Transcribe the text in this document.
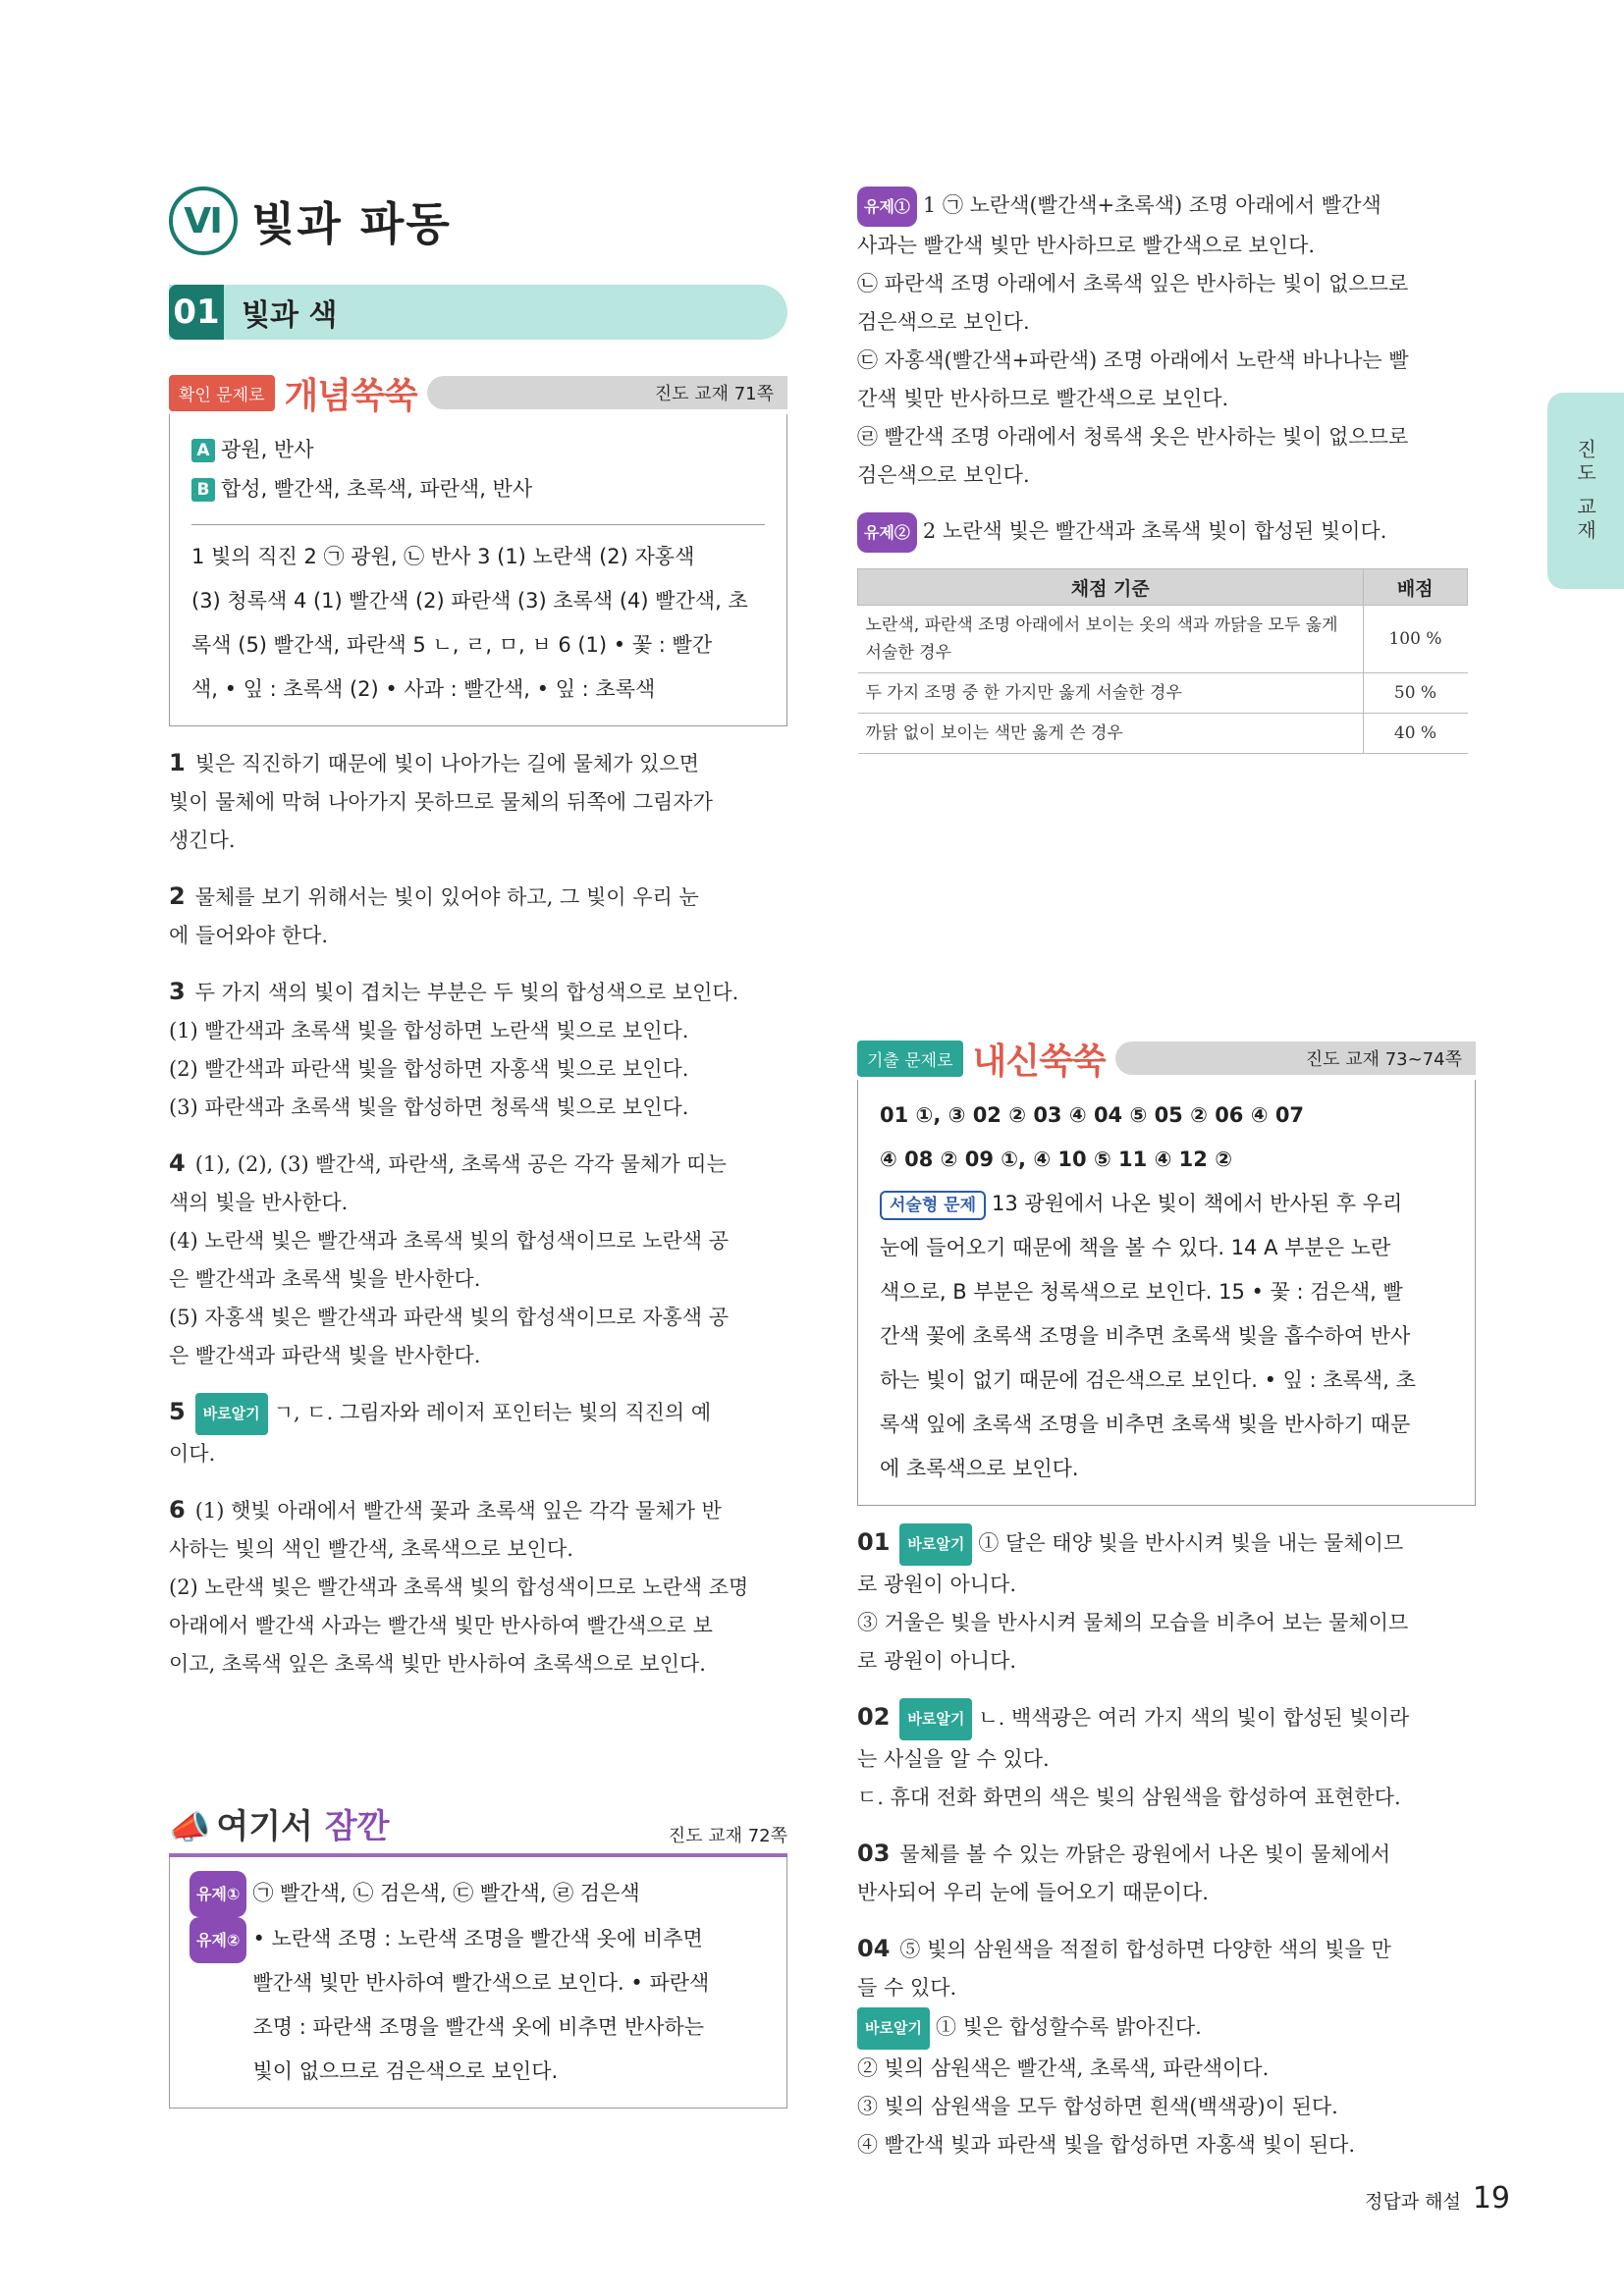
Ⅵ 빛과 파동
01 빛과 색
확인 문제로 개념쑥쑥	진도 교재 71쪽
A 광원, 반사
B 합성, 빨간색, 초록색, 파란색, 반사
1 빛의 직진 2 ㉠ 광원, ㉡ 반사 3 (1) 노란색 (2) 자홍색
(3) 청록색 4 (1) 빨간색 (2) 파란색 (3) 초록색 (4) 빨간색, 초
록색 (5) 빨간색, 파란색 5 ㄴ, ㄹ, ㅁ, ㅂ 6 (1) • 꽃 : 빨간
색, • 잎 : 초록색 (2) • 사과 : 빨간색, • 잎 : 초록색

1 빛은 직진하기 때문에 빛이 나아가는 길에 물체가 있으면

빛이 물체에 막혀 나아가지 못하므로 물체의 뒤쪽에 그림자가

생긴다.

2 물체를 보기 위해서는 빛이 있어야 하고, 그 빛이 우리 눈

에 들어와야 한다.

3 두 가지 색의 빛이 겹치는 부분은 두 빛의 합성색으로 보인다.

(1) 빨간색과 초록색 빛을 합성하면 노란색 빛으로 보인다.

(2) 빨간색과 파란색 빛을 합성하면 자홍색 빛으로 보인다.

(3) 파란색과 초록색 빛을 합성하면 청록색 빛으로 보인다.

4 (1), (2), (3) 빨간색, 파란색, 초록색 공은 각각 물체가 띠는

색의 빛을 반사한다.

(4) 노란색 빛은 빨간색과 초록색 빛의 합성색이므로 노란색 공

은 빨간색과 초록색 빛을 반사한다.

(5) 자홍색 빛은 빨간색과 파란색 빛의 합성색이므로 자홍색 공

은 빨간색과 파란색 빛을 반사한다.

5 바로알기 ㄱ, ㄷ. 그림자와 레이저 포인터는 빛의 직진의 예

이다.

6 (1) 햇빛 아래에서 빨간색 꽃과 초록색 잎은 각각 물체가 반

사하는 빛의 색인 빨간색, 초록색으로 보인다.

(2) 노란색 빛은 빨간색과 초록색 빛의 합성색이므로 노란색 조명

아래에서 빨간색 사과는 빨간색 빛만 반사하여 빨간색으로 보

이고, 초록색 잎은 초록색 빛만 반사하여 초록색으로 보인다.

📣 여기서 잠깐	진도 교재 72쪽
유제① ㉠ 빨간색, ㉡ 검은색, ㉢ 빨간색, ㉣ 검은색
유제② • 노란색 조명 : 노란색 조명을 빨간색 옷에 비추면
빨간색 빛만 반사하여 빨간색으로 보인다. • 파란색
조명 : 파란색 조명을 빨간색 옷에 비추면 반사하는
빛이 없으므로 검은색으로 보인다.

유제① 1 ㉠ 노란색(빨간색+초록색) 조명 아래에서 빨간색

사과는 빨간색 빛만 반사하므로 빨간색으로 보인다.

㉡ 파란색 조명 아래에서 초록색 잎은 반사하는 빛이 없으므로

검은색으로 보인다.

㉢ 자홍색(빨간색+파란색) 조명 아래에서 노란색 바나나는 빨

간색 빛만 반사하므로 빨간색으로 보인다.

㉣ 빨간색 조명 아래에서 청록색 옷은 반사하는 빛이 없으므로

검은색으로 보인다.

유제② 2 노란색 빛은 빨간색과 초록색 빛이 합성된 빛이다.

채점 기준	배점
노란색, 파란색 조명 아래에서 보이는 옷의 색과 까닭을 모두 옳게 서술한 경우	100 %
두 가지 조명 중 한 가지만 옳게 서술한 경우	50 %
까닭 없이 보이는 색만 옳게 쓴 경우	40 %
기출 문제로 내신쑥쑥	진도 교재 73~74쪽
01 ①, ③ 02 ② 03 ④ 04 ⑤ 05 ② 06 ④ 07
④ 08 ② 09 ①, ④ 10 ⑤ 11 ④ 12 ②
서술형 문제 13 광원에서 나온 빛이 책에서 반사된 후 우리
눈에 들어오기 때문에 책을 볼 수 있다. 14 A 부분은 노란
색으로, B 부분은 청록색으로 보인다. 15 • 꽃 : 검은색, 빨
간색 꽃에 초록색 조명을 비추면 초록색 빛을 흡수하여 반사
하는 빛이 없기 때문에 검은색으로 보인다. • 잎 : 초록색, 초
록색 잎에 초록색 조명을 비추면 초록색 빛을 반사하기 때문
에 초록색으로 보인다.

01 바로알기 ① 달은 태양 빛을 반사시켜 빛을 내는 물체이므

로 광원이 아니다.

③ 거울은 빛을 반사시켜 물체의 모습을 비추어 보는 물체이므

로 광원이 아니다.

02 바로알기 ㄴ. 백색광은 여러 가지 색의 빛이 합성된 빛이라

는 사실을 알 수 있다.

ㄷ. 휴대 전화 화면의 색은 빛의 삼원색을 합성하여 표현한다.

03 물체를 볼 수 있는 까닭은 광원에서 나온 빛이 물체에서

반사되어 우리 눈에 들어오기 때문이다.

04 ⑤ 빛의 삼원색을 적절히 합성하면 다양한 색의 빛을 만

들 수 있다.

바로알기 ① 빛은 합성할수록 밝아진다.

② 빛의 삼원색은 빨간색, 초록색, 파란색이다.

③ 빛의 삼원색을 모두 합성하면 흰색(백색광)이 된다.

④ 빨간색 빛과 파란색 빛을 합성하면 자홍색 빛이 된다.

진도 교재
정답과 해설 19
